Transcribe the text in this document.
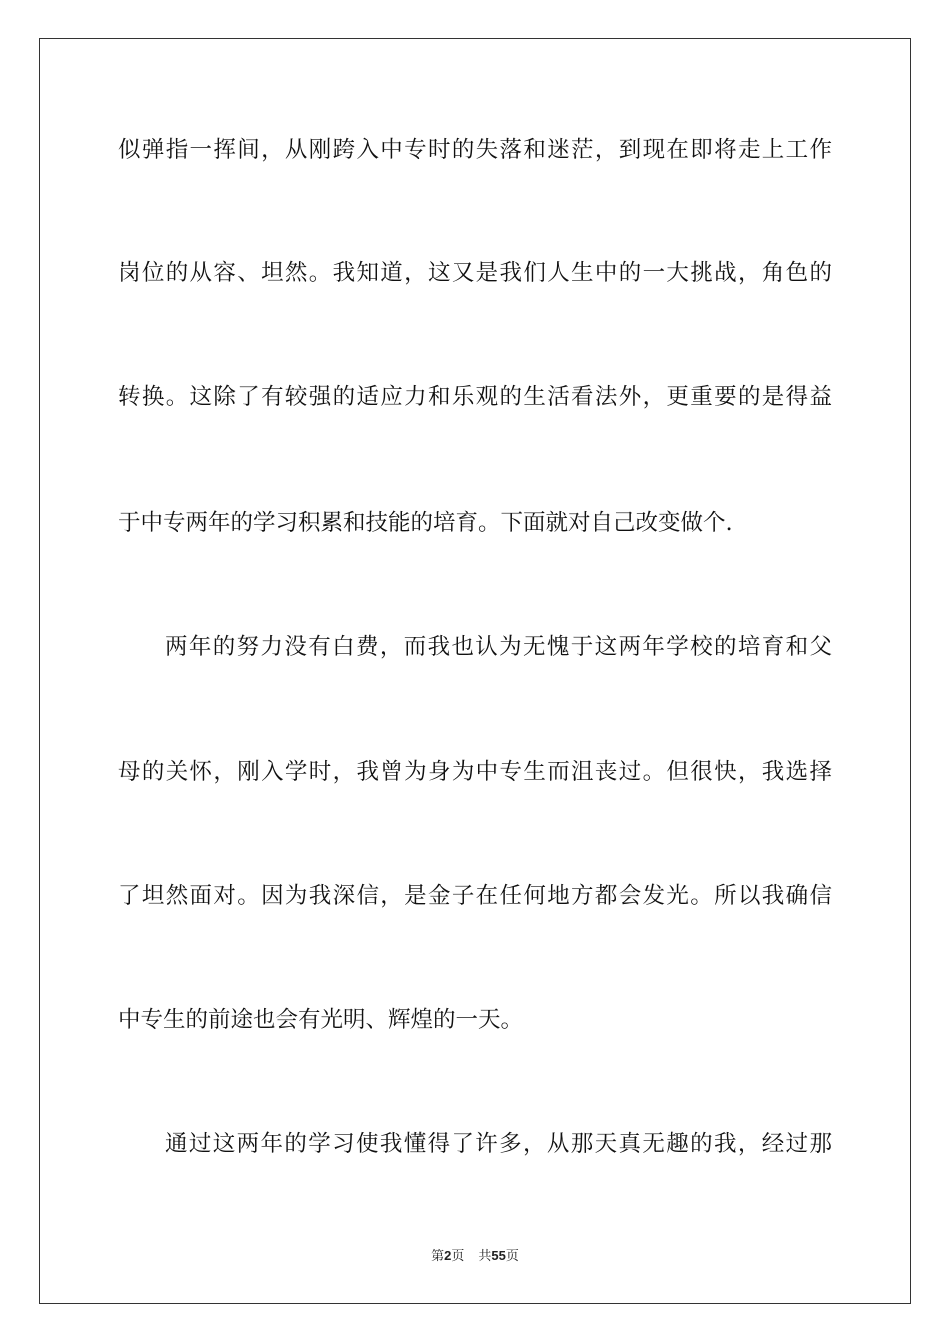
似弹指一挥间，从刚跨入中专时的失落和迷茫，到现在即将走上工作
岗位的从容、坦然。我知道，这又是我们人生中的一大挑战，角色的
转换。这除了有较强的适应力和乐观的生活看法外，更重要的是得益
于中专两年的学习积累和技能的培育。下面就对自己改变做个.
两年的努力没有白费，而我也认为无愧于这两年学校的培育和父
母的关怀，刚入学时，我曾为身为中专生而沮丧过。但很快，我选择
了坦然面对。因为我深信，是金子在任何地方都会发光。所以我确信
中专生的前途也会有光明、辉煌的一天。
通过这两年的学习使我懂得了许多，从那天真无趣的我，经过那
第2页 共55页
